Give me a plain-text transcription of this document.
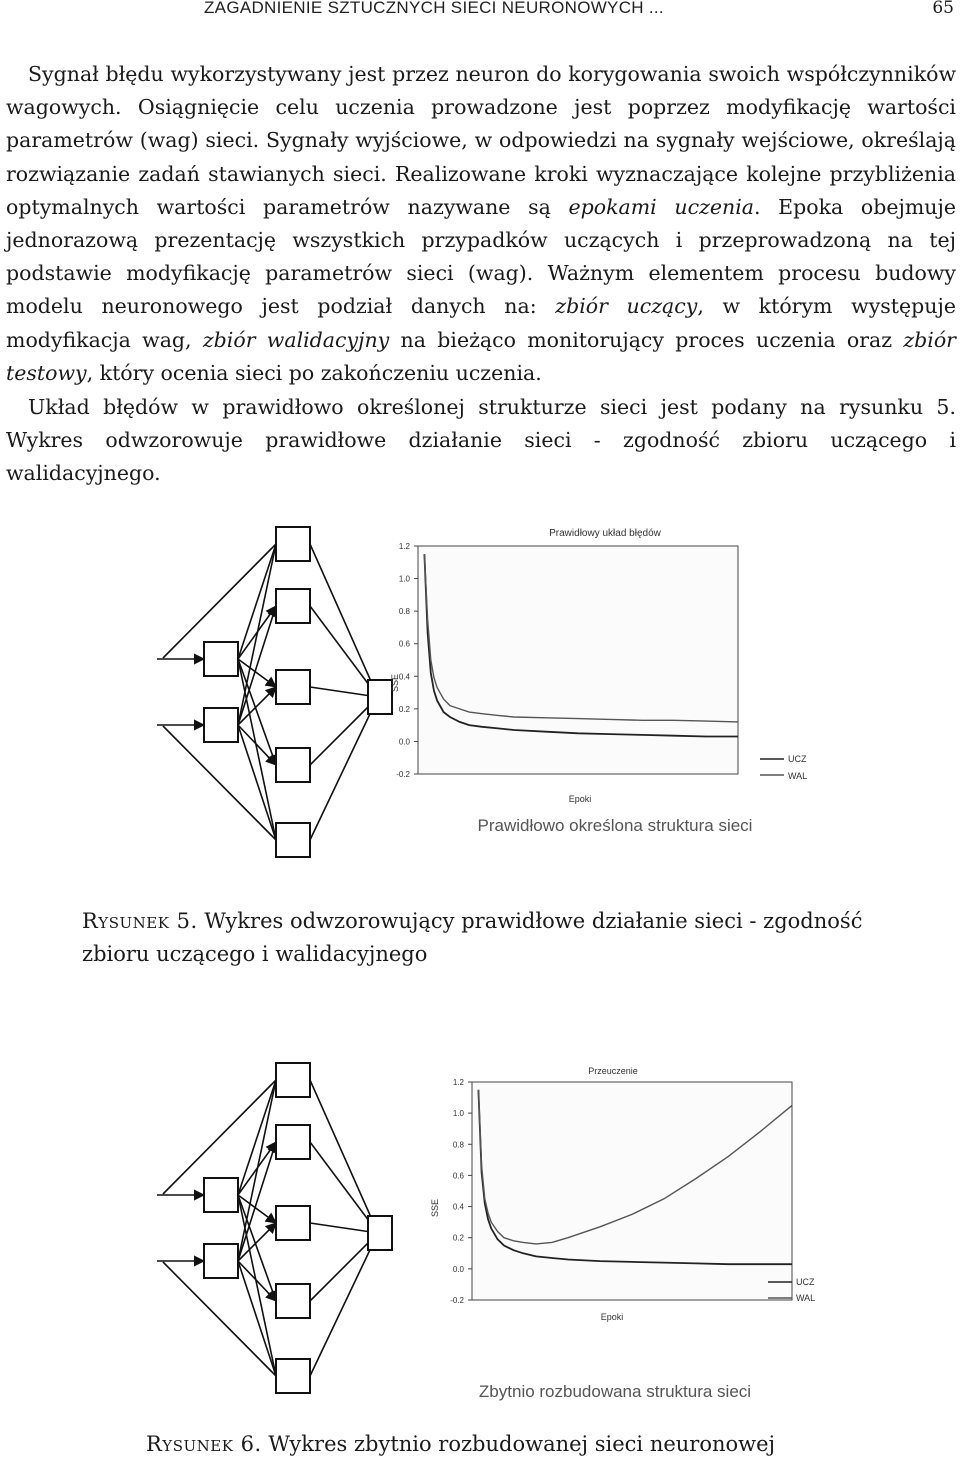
ZAGADNIENIE SZTUCZNYCH SIECI NEURONOWYCH ...	65

Sygnał błędu wykorzystywany jest przez neuron do korygowania swoich współczynników wagowych. Osiągnięcie celu uczenia prowadzone jest poprzez modyfikację wartości parametrów (wag) sieci. Sygnały wyjściowe, w odpowiedzi na sygnały wejściowe, określają rozwiązanie zadań stawianych sieci. Realizowane kroki wyznaczające kolejne przybliżenia optymalnych wartości parametrów nazywane są epokami uczenia. Epoka obejmuje jednorazową prezentację wszystkich przypadków uczących i przeprowadzoną na tej podstawie modyfikację parametrów sieci (wag). Ważnym elementem procesu budowy modelu neuronowego jest podział danych na: zbiór uczący, w którym występuje modyfikacja wag, zbiór walidacyjny na bieżąco monitorujący proces uczenia oraz zbiór testowy, który ocenia sieci po zakończeniu uczenia.

Układ błędów w prawidłowo określonej strukturze sieci jest podany na rysunku 5. Wykres odwzorowuje prawidłowe działanie sieci - zgodność zbioru uczącego i walidacyjnego.

Prawidłowy układ błędów
SSE
Epoki
UCZ
WAL
Prawidłowo określona struktura sieci
1.2
1.0
0.8
0.6
0.4
0.2
0.0
-0.2
Rysunek 5. Wykres odwzorowujący prawidłowe działanie sieci - zgodność zbioru uczącego i walidacyjnego
Przeuczenie
SSE
Epoki
UCZ
WAL
Zbytnio rozbudowana struktura sieci
1.2
1.0
0.8
0.6
0.4
0.2
0.0
-0.2
Rysunek 6. Wykres zbytnio rozbudowanej sieci neuronowej
